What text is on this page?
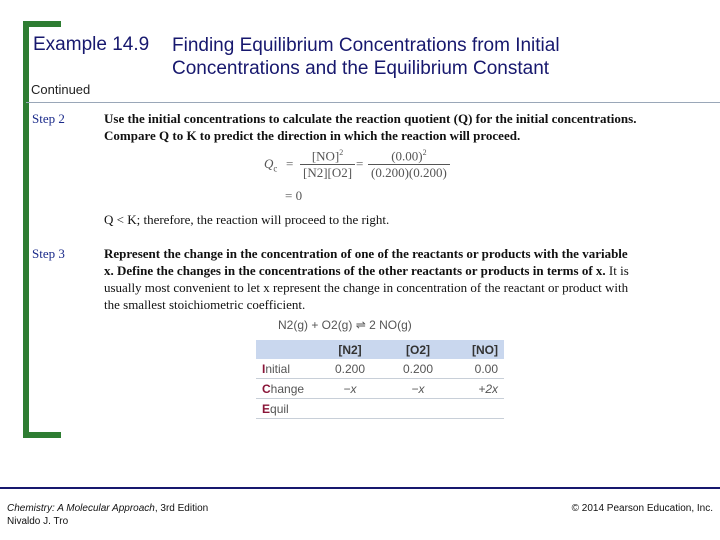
Example 14.9 Finding Equilibrium Concentrations from Initial
Concentrations and the Equilibrium Constant
Continued
Step 2	Use the initial concentrations to calculate the reaction quotient (Q) for the initial concentrations.
Compare Q to K to predict the direction in which the reaction will proceed.
$Q_c = \frac{[NO]^2}{[N2][O2]} = \frac{(0.00)^2}{(0.200)(0.200)}$
= 0
Q < K; therefore, the reaction will proceed to the right.
Step 3	Represent the change in the concentration of one of the reactants or products with the variable
x. Define the changes in the concentrations of the other reactants or products in terms of x. It is
usually most convenient to let x represent the change in concentration of the reactant or product with
the smallest stoichiometric coefficient.
N2(g) + O2(g) ⇌ 2 NO(g)
	[N2]	[O2]	[NO]
Initial	0.200	0.200	0.00
Change	−x	−x	+2x
Equil			
Chemistry: A Molecular Approach, 3rd Edition
Nivaldo J. Tro
© 2014 Pearson Education, Inc.
